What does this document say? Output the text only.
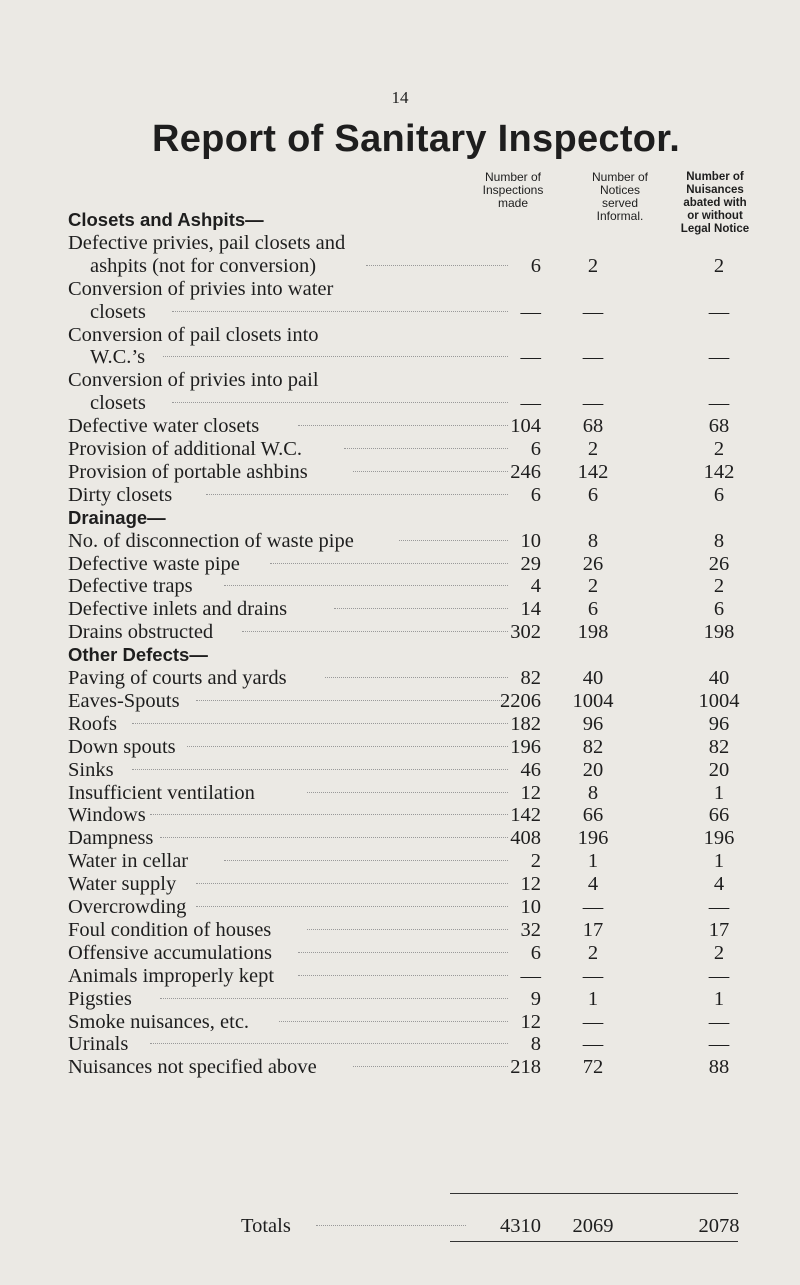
14
Report of Sanitary Inspector.
Number of
Inspections
made
Number of
Notices
served
Informal.
Number of
Nuisances
abated with
or without
Legal Notice
Closets and Ashpits—
Defective privies, pail closets and
ashpits (not for conversion)	6	2	2
Conversion of privies into water
closets	—	—	—
Conversion of pail closets into
W.C.’s	—	—	—
Conversion of privies into pail
closets	—	—	—
Defective water closets	104	68	68
Provision of additional W.C.	6	2	2
Provision of portable ashbins	246	142	142
Dirty closets	6	6	6
Drainage—
No. of disconnection of waste pipe	10	8	8
Defective waste pipe	29	26	26
Defective traps	4	2	2
Defective inlets and drains	14	6	6
Drains obstructed	302	198	198
Other Defects—
Paving of courts and yards	82	40	40
Eaves-Spouts	2206	1004	1004
Roofs	182	96	96
Down spouts	196	82	82
Sinks	46	20	20
Insufficient ventilation	12	8	1
Windows	142	66	66
Dampness	408	196	196
Water in cellar	2	1	1
Water supply	12	4	4
Overcrowding	10	—	—
Foul condition of houses	32	17	17
Offensive accumulations	6	2	2
Animals improperly kept	—	—	—
Pigsties	9	1	1
Smoke nuisances, etc.	12	—	—
Urinals	8	—	—
Nuisances not specified above	218	72	88
Totals	4310	2069	2078
